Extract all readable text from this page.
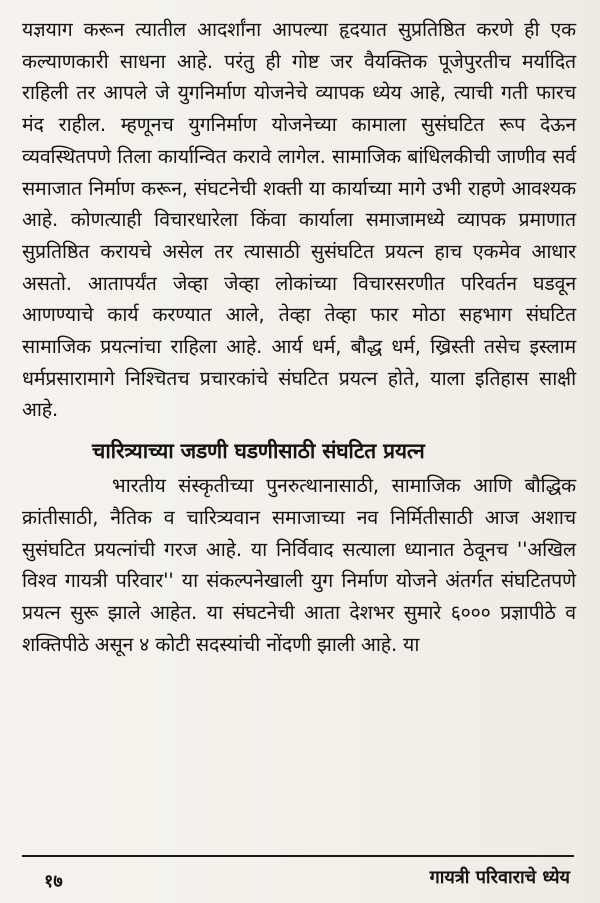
यज्ञयाग करून त्यातील आदर्शांना आपल्या हृदयात सुप्रतिष्ठित करणे ही एक कल्याणकारी साधना आहे. परंतु ही गोष्ट जर वैयक्तिक पूजेपुरतीच मर्यादित राहिली तर आपले जे युगनिर्माण योजनेचे व्यापक ध्येय आहे, त्याची गती फारच मंद राहील. म्हणूनच युगनिर्माण योजनेच्या कामाला सुसंघटित रूप देऊन व्यवस्थितपणे तिला कार्यान्वित करावे लागेल. सामाजिक बांधिलकीची जाणीव सर्व समाजात निर्माण करून, संघटनेची शक्ती या कार्याच्या मागे उभी राहणे आवश्यक आहे. कोणत्याही विचारधारेला किंवा कार्याला समाजामध्ये व्यापक प्रमाणात सुप्रतिष्ठित करायचे असेल तर त्यासाठी सुसंघटित प्रयत्न हाच एकमेव आधार असतो. आतापर्यंत जेव्हा जेव्हा लोकांच्या विचारसरणीत परिवर्तन घडवून आणण्याचे कार्य करण्यात आले, तेव्हा तेव्हा फार मोठा सहभाग संघटित सामाजिक प्रयत्नांचा राहिला आहे. आर्य धर्म, बौद्ध धर्म, ख्रिस्ती तसेच इस्लाम धर्मप्रसारामागे निश्चितच प्रचारकांचे संघटित प्रयत्न होते, याला इतिहास साक्षी आहे.

चारित्र्याच्या जडणी घडणीसाठी संघटित प्रयत्न

भारतीय संस्कृतीच्या पुनरुत्थानासाठी, सामाजिक आणि बौद्धिक क्रांतीसाठी, नैतिक व चारित्र्यवान समाजाच्या नव निर्मितीसाठी आज अशाच सुसंघटित प्रयत्नांची गरज आहे. या निर्विवाद सत्याला ध्यानात ठेवूनच ''अखिल विश्व गायत्री परिवार'' या संकल्पनेखाली युग निर्माण योजने अंतर्गत संघटितपणे प्रयत्न सुरू झाले आहेत. या संघटनेची आता देशभर सुमारे ६००० प्रज्ञापीठे व शक्तिपीठे असून ४ कोटी सदस्यांची नोंदणी झाली आहे. या

१७	गायत्री परिवाराचे ध्येय
